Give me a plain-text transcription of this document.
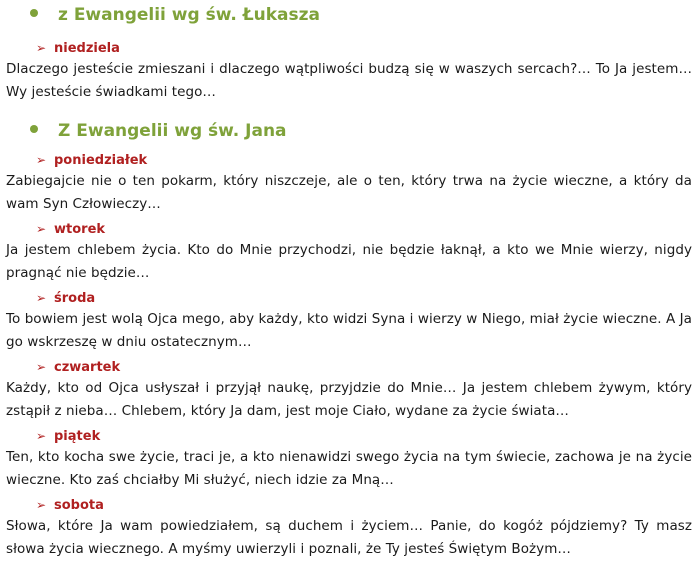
z Ewangelii wg św. Łukasza
➢ niedziela
Dlaczego jesteście zmieszani i dlaczego wątpliwości budzą się w waszych sercach?… To Ja jestem… Wy jesteście świadkami tego…
Z Ewangelii wg św. Jana
➢ poniedziałek
Zabiegajcie nie o ten pokarm, który niszczeje, ale o ten, który trwa na życie wieczne, a który da wam Syn Człowieczy…
➢ wtorek
Ja jestem chlebem życia. Kto do Mnie przychodzi, nie będzie łaknął, a kto we Mnie wierzy, nigdy pragnąć nie będzie…
➢ środa
To bowiem jest wolą Ojca mego, aby każdy, kto widzi Syna i wierzy w Niego, miał życie wieczne. A Ja go wskrzeszę w dniu ostatecznym…
➢ czwartek
Każdy, kto od Ojca usłyszał i przyjął naukę, przyjdzie do Mnie… Ja jestem chlebem żywym, który zstąpił z nieba… Chlebem, który Ja dam, jest moje Ciało, wydane za życie świata…
➢ piątek
Ten, kto kocha swe życie, traci je, a kto nienawidzi swego życia na tym świecie, zachowa je na życie wieczne. Kto zaś chciałby Mi służyć, niech idzie za Mną…
➢ sobota
Słowa, które Ja wam powiedziałem, są duchem i życiem… Panie, do kogóż pójdziemy? Ty masz słowa życia wiecznego. A myśmy uwierzyli i poznali, że Ty jesteś Świętym Bożym…
